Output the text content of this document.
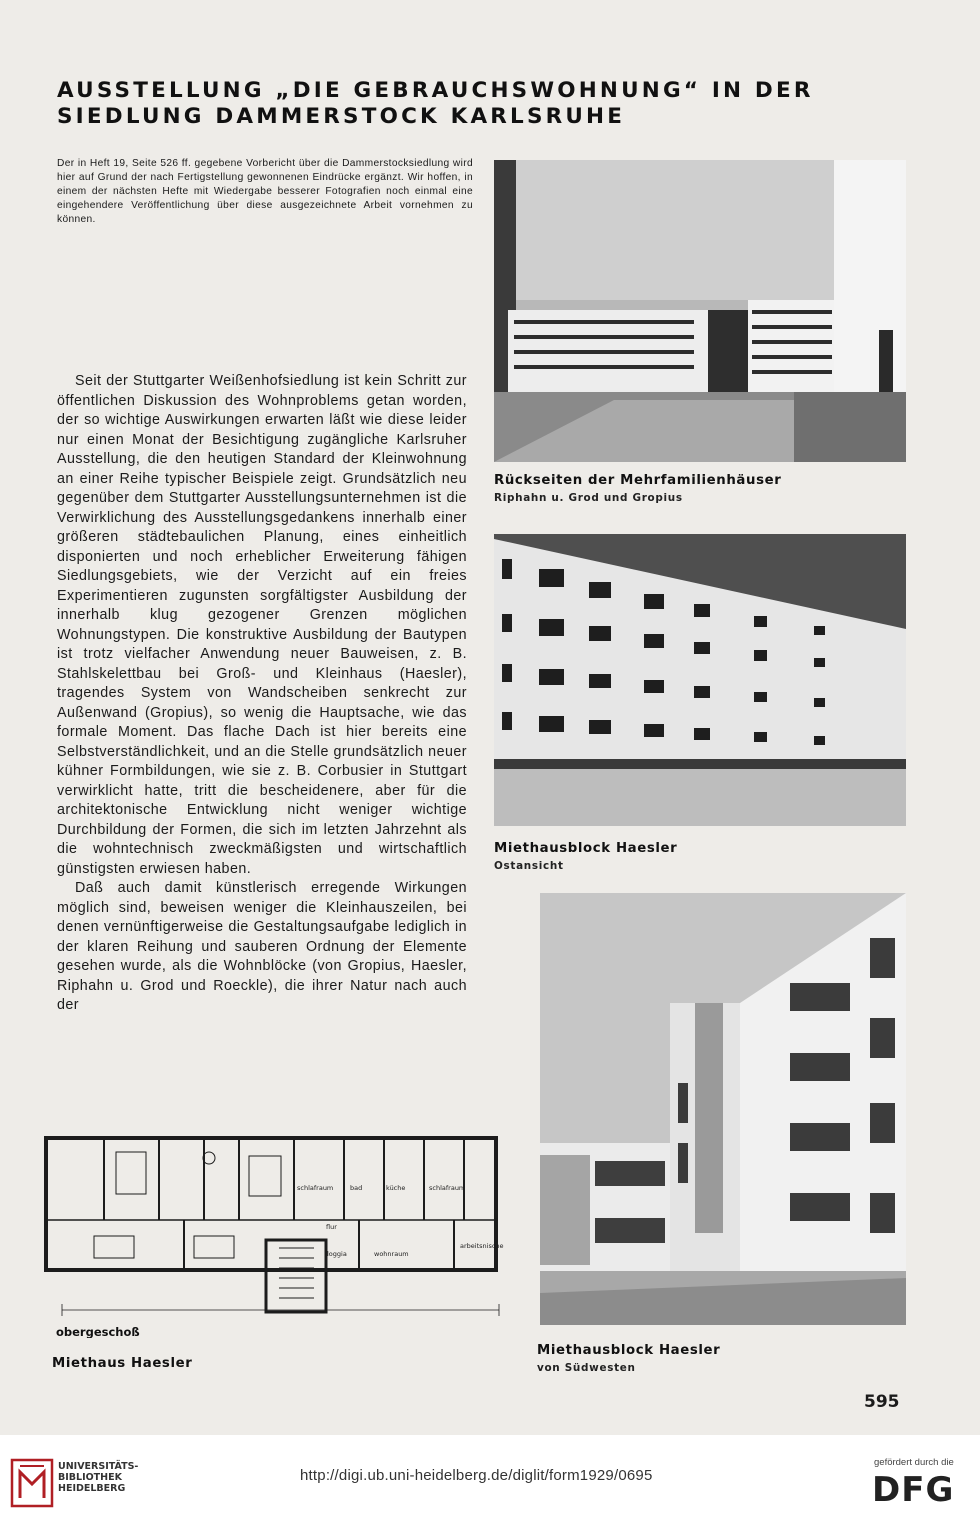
AUSSTELLUNG „DIE GEBRAUCHSWOHNUNG“ IN DER SIEDLUNG DAMMERSTOCK KARLSRUHE

Der in Heft 19, Seite 526 ff. gegebene Vorbericht über die Dammerstocksiedlung wird hier auf Grund der nach Fertigstellung gewonnenen Eindrücke ergänzt. Wir hoffen, in einem der nächsten Hefte mit Wiedergabe besserer Fotografien noch einmal eine eingehendere Veröffentlichung über diese ausgezeichnete Arbeit vornehmen zu können.

Seit der Stuttgarter Weißenhofsiedlung ist kein Schritt zur öffentlichen Diskussion des Wohnproblems getan worden, der so wichtige Auswirkungen erwarten läßt wie diese leider nur einen Monat der Besichtigung zugängliche Karlsruher Ausstellung, die den heutigen Standard der Kleinwohnung an einer Reihe typischer Beispiele zeigt. Grundsätzlich neu gegenüber dem Stuttgarter Ausstellungsunternehmen ist die Verwirklichung des Ausstellungsgedankens innerhalb einer größeren städtebaulichen Planung, eines einheitlich disponierten und noch erheblicher Erweiterung fähigen Siedlungsgebiets, wie der Verzicht auf ein freies Experimentieren zugunsten sorgfältigster Ausbildung der innerhalb klug gezogener Grenzen möglichen Wohnungstypen. Die konstruktive Ausbildung der Bautypen ist trotz vielfacher Anwendung neuer Bauweisen, z. B. Stahlskelettbau bei Groß- und Kleinhaus (Haesler), tragendes System von Wandscheiben senkrecht zur Außenwand (Gropius), so wenig die Hauptsache, wie das formale Moment. Das flache Dach ist hier bereits eine Selbstverständlichkeit, und an die Stelle grundsätzlich neuer kühner Formbildungen, wie sie z. B. Corbusier in Stuttgart verwirklicht hatte, tritt die bescheidenere, aber für die architektonische Entwicklung nicht weniger wichtige Durchbildung der Formen, die sich im letzten Jahrzehnt als die wohntechnisch zweckmäßigsten und wirtschaftlich günstigsten erwiesen haben.

Daß auch damit künstlerisch erregende Wirkungen möglich sind, beweisen weniger die Kleinhauszeilen, bei denen vernünftigerweise die Gestaltungsaufgabe lediglich in der klaren Reihung und sauberen Ordnung der Elemente gesehen wurde, als die Wohnblöcke (von Gropius, Haesler, Riphahn u. Grod und Roeckle), die ihrer Natur nach auch der

Rückseiten der Mehrfamilienhäuser
Riphahn u. Grod und Gropius
Miethausblock Haesler
Ostansicht
Miethausblock Haesler
von Südwesten
schlafraum	bad	küche	schlafraum
flur
loggia	wohnraum
arbeitsnische
obergeschoß
Miethaus Haesler
595
UNIVERSITÄTS-
BIBLIOTHEK
HEIDELBERG
http://digi.ub.uni-heidelberg.de/diglit/form1929/0695
gefördert durch die
DFG
